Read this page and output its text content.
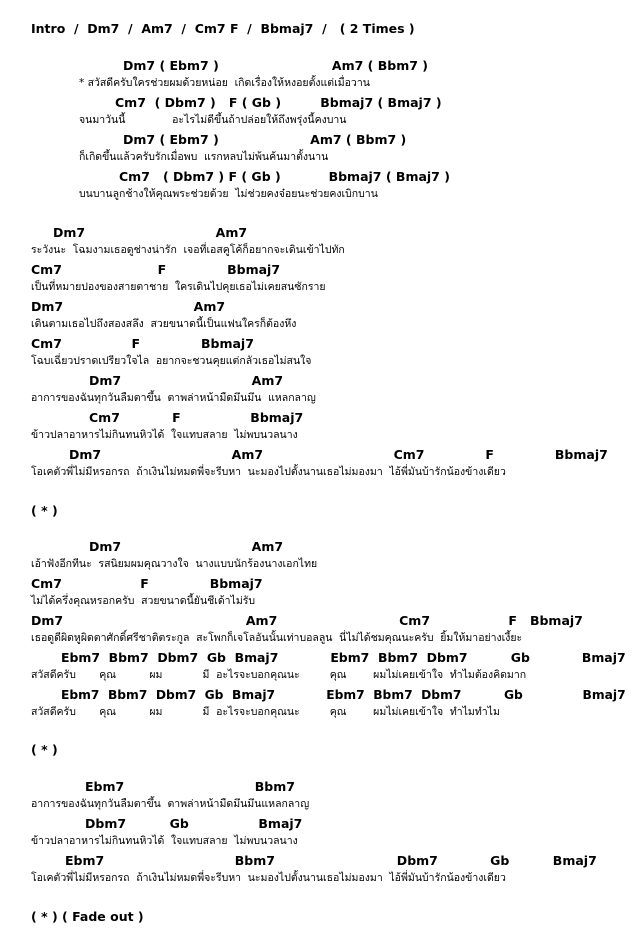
Intro  /  Dm7  /  Am7  /  Cm7 F  /  Bbmaj7  /   ( 2 Times )
Dm7 ( Ebm7 )                          Am7 ( Bbm7 )
* สวัสดีครับใครช่วยผมด้วยหน่อย  เกิดเรื่องให้หงอยตั้งแต่เมื่อวาน
Cm7  ( Dbm7 )   F ( Gb )         Bbmaj7 ( Bmaj7 )
จนมาวันนี้              อะไรไม่ดีขึ้นถ้าปล่อยให้ถึงพรุ่งนี้คงบาน
Dm7 ( Ebm7 )                     Am7 ( Bbm7 )
ก็เกิดขึ้นแล้วครับรักเมื่อพบ  แรกหลบไม่พ้นค้นมาตั้งนาน
Cm7   ( Dbm7 ) F ( Gb )           Bbmaj7 ( Bmaj7 )
บนบานลูกช้างให้คุณพระช่วยด้วย  ไม่ช่วยคงจ๋อยนะช่วยคงเบิกบาน
Dm7                              Am7
ระวังนะ  โฉมงามเธอดูช่างน่ารัก  เจอที่เอสคูโค้ก็อยากจะเดินเข้าไปทัก
Cm7                      F              Bbmaj7
เป็นที่หมายปองของสายตาชาย  ใครเดินไปคุยเธอไม่เคยสนซักราย
Dm7                              Am7
เดินตามเธอไปถึงสองสลึง  สวยขนาดนี้เป็นแฟนใครก็ต้องหึง
Cm7                F              Bbmaj7
โฉบเฉี่ยวปราดเปรียวใจไล  อยากจะชวนคุยแต่กลัวเธอไม่สนใจ
Dm7                              Am7
อาการของฉันทุกวันลืมตาขึ้น  ตาพล่าหน้ามืดมึนมึน  แหลกลาญ
Cm7            F                Bbmaj7
ข้าวปลาอาหารไม่กินทนหิวได้  ใจแทบสลาย  ไม่พบนวลนาง
Dm7                              Am7                              Cm7              F              Bbmaj7
โอเคตัวพี่ไม่มีหรอกรถ  ถ้าเงินไม่หมดพี่จะรีบหา  นะมองไปตั้งนานเธอไม่มองมา  ไอ้พี่มันบ้ารักน้องข้างเดียว
( * )
Dm7                              Am7
เอ้าฟังอีกทีนะ  รสนิยมผมคุณวางใจ  นางแบบนักร้องนางเอกไทย
Cm7                  F              Bbmaj7
ไม่ได้ครึ่งคุณหรอกครับ  สวยขนาดนี้ยันชีเด้าไม่รับ
Dm7                                          Am7                            Cm7                  F   Bbmaj7
เธอดูดีผิดหูผิดตาศักดิ์ศรีชาติตระกูล  สะโพกก็เจโลอันนั้นเท่าบอลลูน  นี่ไม่ได้ชมคุณนะครับ  ยิ้มให้มาอย่างเงี้ยะ
Ebm7  Bbm7  Dbm7  Gb  Bmaj7            Ebm7  Bbm7  Dbm7          Gb            Bmaj7
สวัสดีครับ       คุณ          ผม            มี  อะไรจะบอกคุณนะ         คุณ        ผมไม่เคยเข้าใจ  ทำไมต้องคิดมาก
Ebm7  Bbm7  Dbm7  Gb  Bmaj7            Ebm7  Bbm7  Dbm7          Gb              Bmaj7
สวัสดีครับ       คุณ          ผม            มี  อะไรจะบอกคุณนะ         คุณ        ผมไม่เคยเข้าใจ  ทำไมทำไม
( * )
Ebm7                              Bbm7
อาการของฉันทุกวันลืมตาขึ้น  ตาพล่าหน้ามืดมึนมึนแหลกลาญ
Dbm7          Gb                Bmaj7
ข้าวปลาอาหารไม่กินทนหิวได้  ใจแทบสลาย  ไม่พบนวลนาง
Ebm7                              Bbm7                            Dbm7            Gb          Bmaj7
โอเคตัวพี่ไม่มีหรอกรถ  ถ้าเงินไม่หมดพี่จะรีบหา  นะมองไปตั้งนานเธอไม่มองมา  ไอ้พี่มันบ้ารักน้องข้างเดียว
( * ) ( Fade out )
